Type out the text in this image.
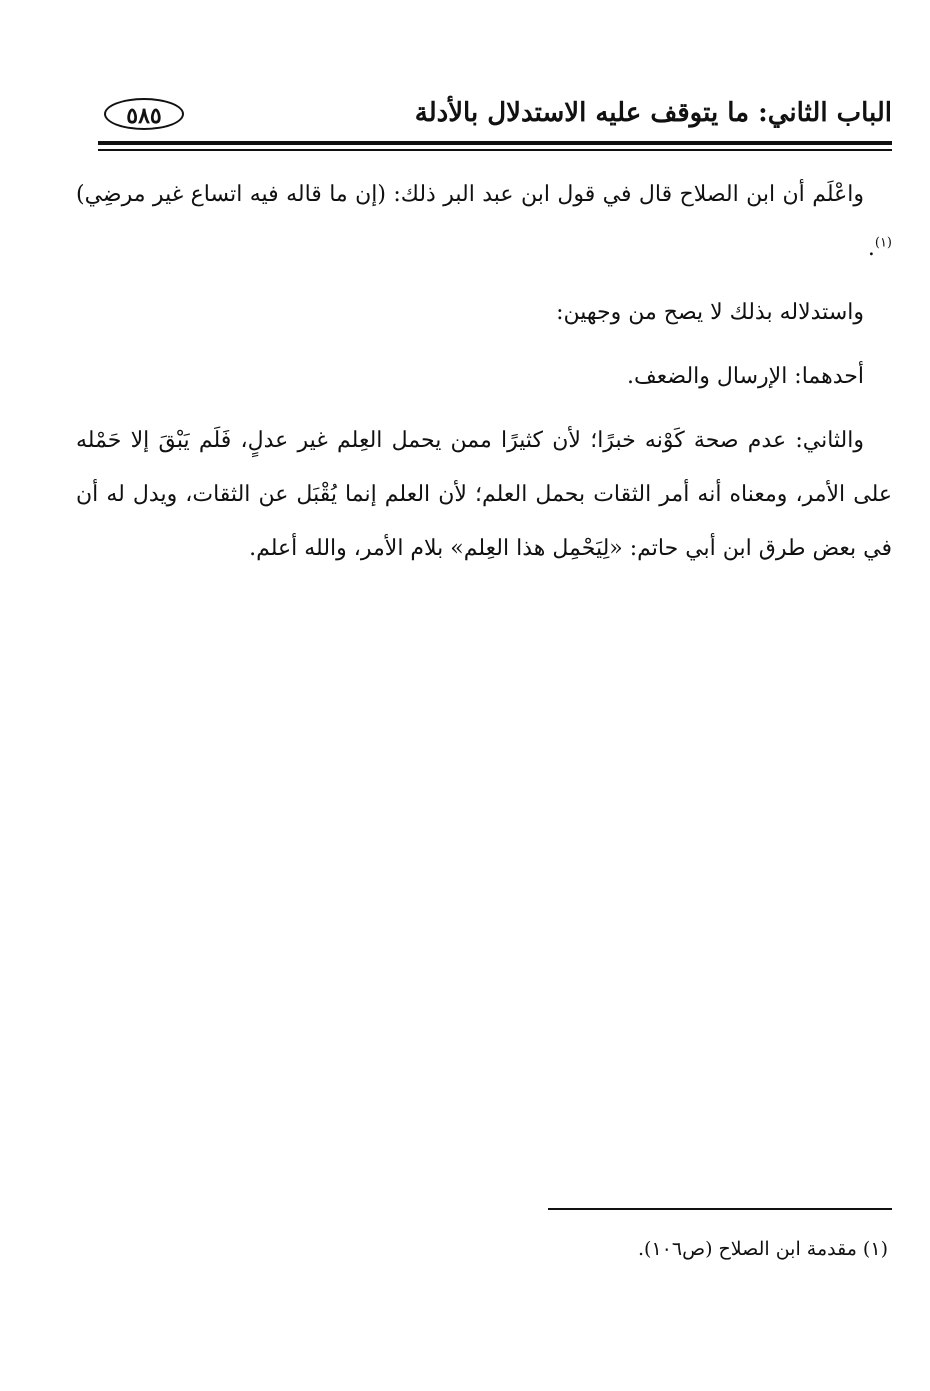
الباب الثاني: ما يتوقف عليه الاستدلال بالأدلة
٥٨٥

واعْلَم أن ابن الصلاح قال في قول ابن عبد البر ذلك: (إن ما قاله فيه اتساع غير مرضِي)$^{(١)}$.

واستدلاله بذلك لا يصح من وجهين:

أحدهما: الإرسال والضعف.

والثاني: عدم صحة كَوْنه خبرًا؛ لأن كثيرًا ممن يحمل العِلم غير عدلٍ، فَلَم يَبْقَ إلا حَمْله على الأمر، ومعناه أنه أمر الثقات بحمل العلم؛ لأن العلم إنما يُقْبَل عن الثقات، ويدل له أن في بعض طرق ابن أبي حاتم: «لِيَحْمِل هذا العِلم» بلام الأمر، والله أعلم.

(١) مقدمة ابن الصلاح (ص١٠٦).
